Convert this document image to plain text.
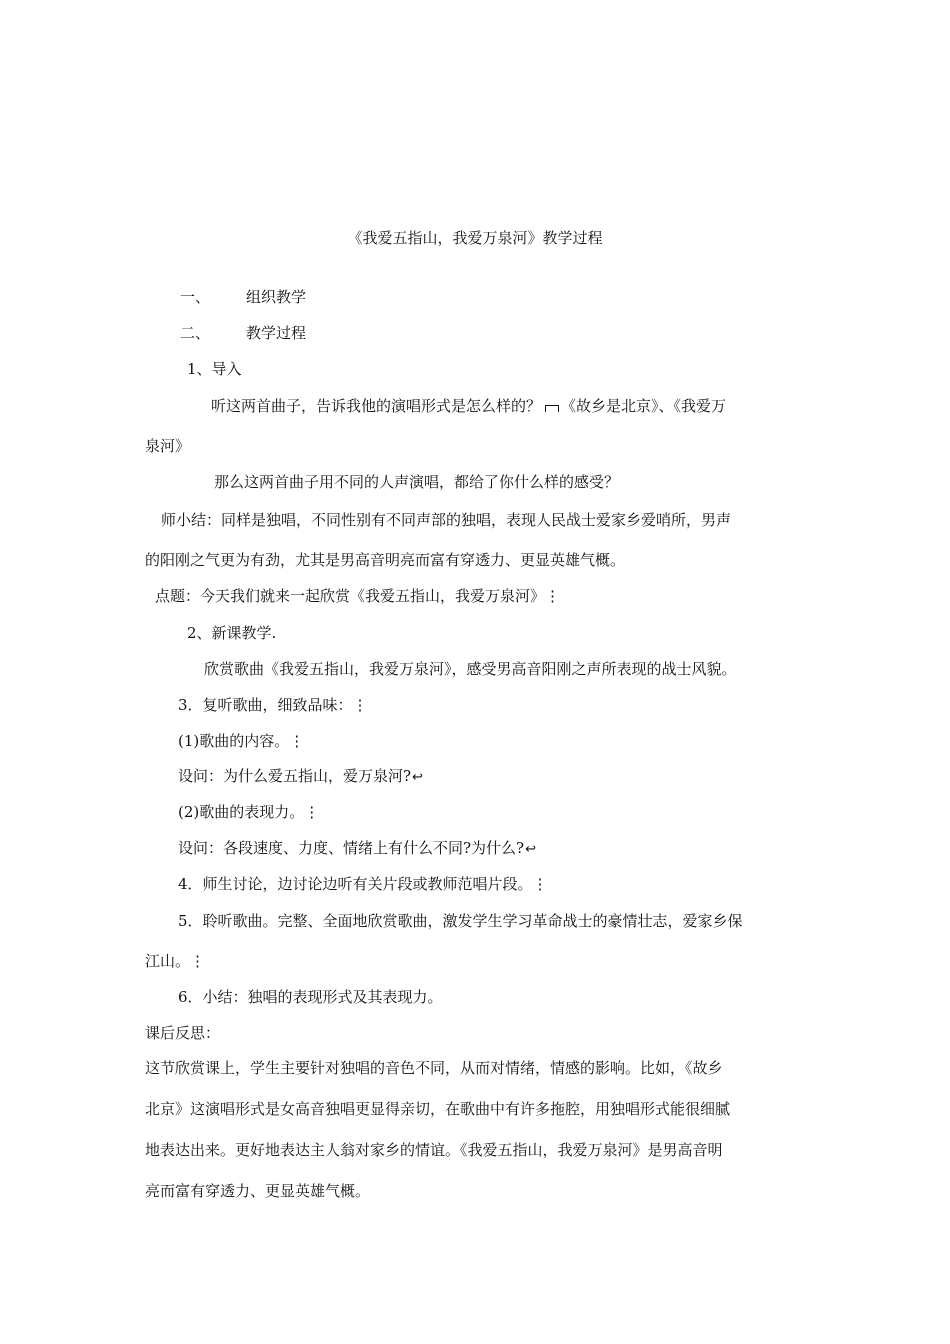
《我爱五指山，我爱万泉河》教学过程
一、 组织教学
二、 教学过程
1、导入
听这两首曲子，告诉我他的演唱形式是怎么样的？ 《故乡是北京》、《我爱万
泉河》
那么这两首曲子用不同的人声演唱，都给了你什么样的感受？
师小结：同样是独唱，不同性别有不同声部的独唱，表现人民战士爱家乡爱哨所，男声
的阳刚之气更为有劲，尤其是男高音明亮而富有穿透力、更显英雄气概。
点题：今天我们就来一起欣赏《我爱五指山，我爱万泉河》⋮
2、新课教学.
欣赏歌曲《我爱五指山，我爱万泉河》，感受男高音阳刚之声所表现的战士风貌。
3．复听歌曲，细致品味：⋮
(1)歌曲的内容。⋮
设问：为什么爱五指山，爱万泉河?↩
(2)歌曲的表现力。⋮
设问：各段速度、力度、情绪上有什么不同?为什么?↩
4．师生讨论，边讨论边听有关片段或教师范唱片段。⋮
5．聆听歌曲。完整、全面地欣赏歌曲，激发学生学习革命战士的豪情壮志，爱家乡保
江山。⋮
6．小结：独唱的表现形式及其表现力。
课后反思：
这节欣赏课上，学生主要针对独唱的音色不同，从而对情绪，情感的影响。比如，《故乡
北京》这演唱形式是女高音独唱更显得亲切，在歌曲中有许多拖腔，用独唱形式能很细腻
地表达出来。更好地表达主人翁对家乡的情谊。《我爱五指山，我爱万泉河》是男高音明
亮而富有穿透力、更显英雄气概。
